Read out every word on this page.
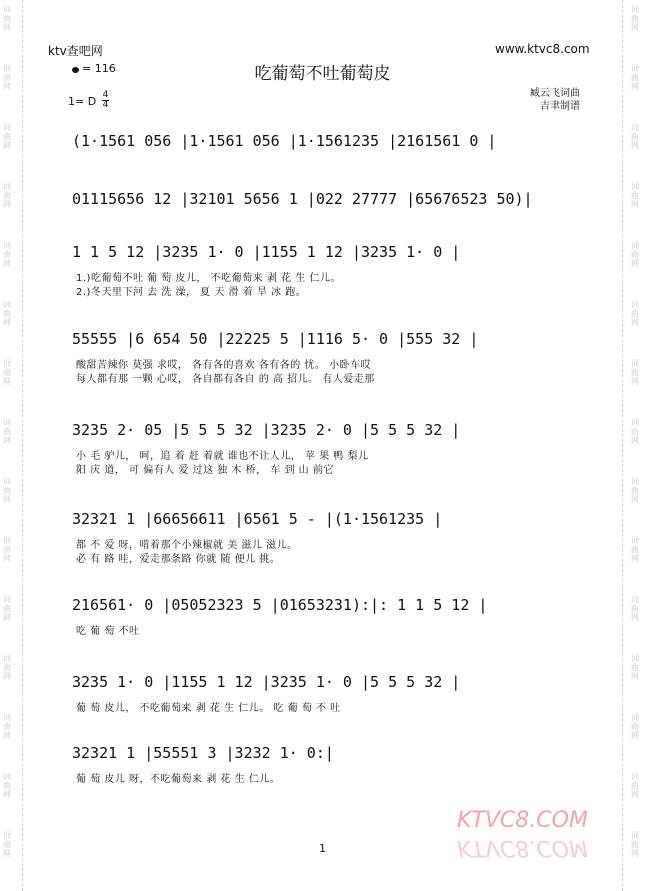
词
曲
网
词
曲
网
词
曲
网
词
曲
网
词
曲
网
词
曲
网
词
曲
网
词
曲
网
词
曲
网
词
曲
网
词
曲
网
词
曲
网
词
曲
网
词
曲
网
词
曲
网
词
曲
网
词
曲
网
词
曲
网
词
曲
网
词
曲
网
词
曲
网
词
曲
网
词
曲
网
词
曲
网
词
曲
网
词
曲
网
词
曲
网
词
曲
网
词
曲
网
词
曲
网
ktv查吧网	www.ktvc8.com
吃葡萄不吐葡萄皮
= 116
1= D 4
4
臧云飞词曲
吉聿制谱
(1·1561 056 |1·1561 056 |1·1561235 |2161561 0 |
01115656 12 |32101 5656 1 |022 27777 |65676523 50)|
1 1 5 12 |3235 1· 0 |1155 1 12 |3235 1· 0 |
1.)吃葡萄不吐 葡 萄 皮儿， 不吃葡萄来 剥 花 生 仁儿。
2.)冬天里下河 去 洗 澡， 夏 天 滑 着 旱 冰 跑。
55555 |6 654 50 |22225 5 |1116 5· 0 |555 32 |
酸甜苦辣你 莫强 求哎， 各有各的喜欢 各有各的 忧。 小卧车哎
每人都有那 一颗 心哎， 各自都有各自 的 高 招儿。 有人爱走那
3235 2· 05 |5 5 5 32 |3235 2· 0 |5 5 5 32 |
小 毛 驴儿， 呵，追 着 赶 着就 谁也不让人儿， 苹 果 鸭 梨儿
阳 庆 道， 可 偏有人 爱 过这 独 木 桥， 车 到 山 前它
32321 1 |66656611 |6561 5 - |(1·1561235 |
都 不 爱 呀，啃着那个小辣椒就 美 滋儿 滋儿。
必 有 路 哇，爱走那条路 你就 随 便儿 挑。
216561· 0 |05052323 5 |01653231):|: 1 1 5 12 |
吃 葡 萄 不吐
3235 1· 0 |1155 1 12 |3235 1· 0 |5 5 5 32 |
葡 萄 皮儿， 不吃葡萄来 剥 花 生 仁儿。 吃 葡 萄 不 吐
32321 1 |55551 3 |3232 1· 0:|
葡 萄 皮儿 呀，不吃葡萄来 剥 花 生 仁儿。
KTVC8.COM
KTVC8.COM
1
